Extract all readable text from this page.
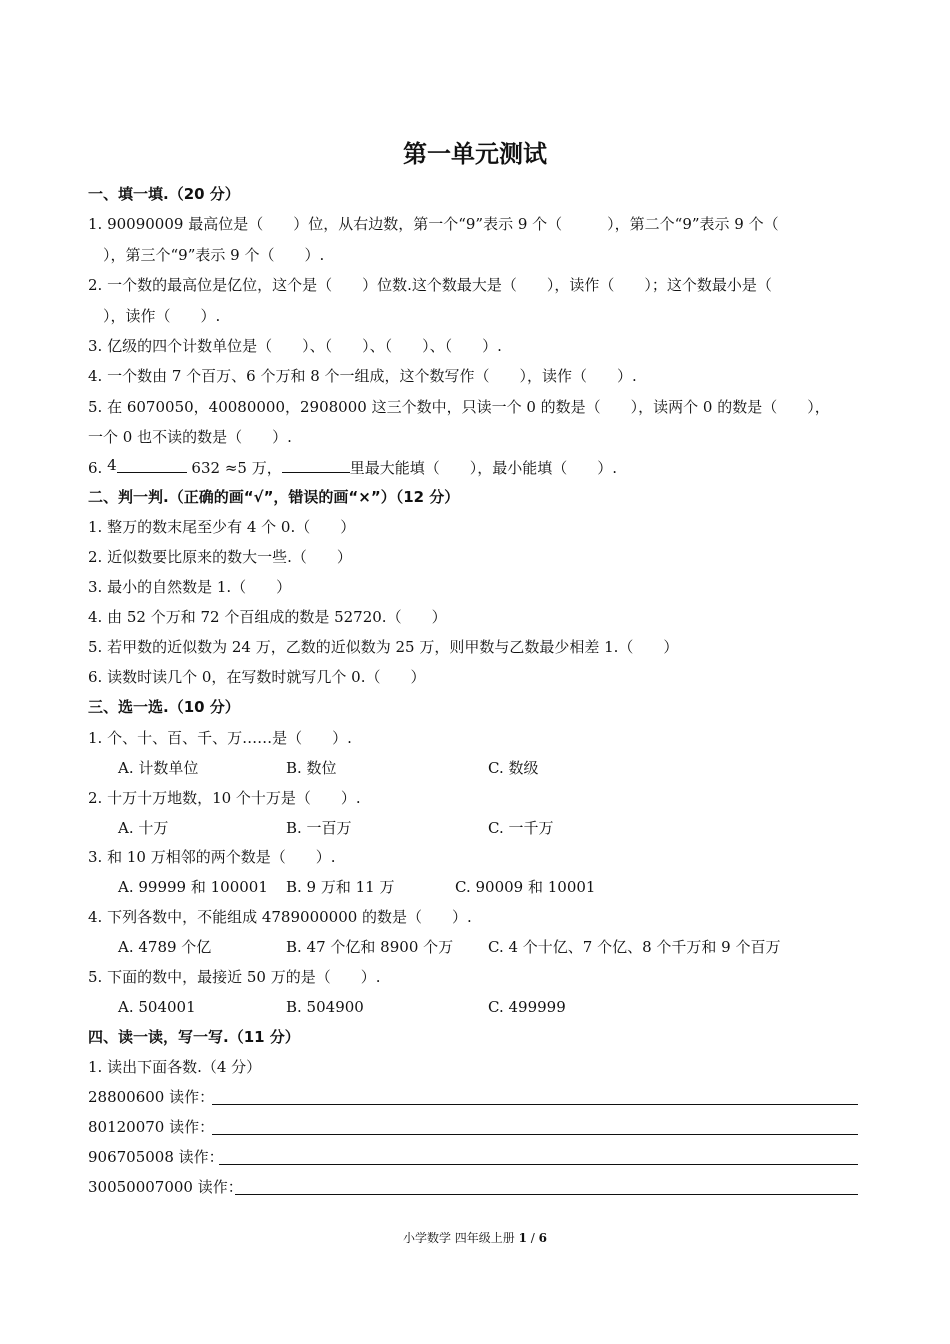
第一单元测试
一、填一填.（20 分）
1. 90090009 最高位是（　　）位，从右边数，第一个“9”表示 9 个（　　　），第二个“9”表示 9 个（
　），第三个“9”表示 9 个（　　）.
2. 一个数的最高位是亿位，这个是（　　）位数.这个数最大是（　　），读作（　　）；这个数最小是（
　），读作（　　）.
3. 亿级的四个计数单位是（　　）、（　　）、（　　）、（　　）.
4. 一个数由 7 个百万、6 个万和 8 个一组成，这个数写作（　　），读作（　　）.
5. 在 6070050，40080000，2908000 这三个数中，只读一个 0 的数是（　　），读两个 0 的数是（　　），
一个 0 也不读的数是（　　）.
6. 4	632 ≈5 万，	里最大能填（　　），最小能填（　　）.
二、判一判.（正确的画“√”，错误的画“×”）（12 分）
1. 整万的数末尾至少有 4 个 0.（　　）
2. 近似数要比原来的数大一些.（　　）
3. 最小的自然数是 1.（　　）
4. 由 52 个万和 72 个百组成的数是 52720.（　　）
5. 若甲数的近似数为 24 万，乙数的近似数为 25 万，则甲数与乙数最少相差 1.（　　）
6. 读数时读几个 0，在写数时就写几个 0.（　　）
三、选一选.（10 分）
1. 个、十、百、千、万……是（　　）.
A. 计数单位	B. 数位	C. 数级
2. 十万十万地数，10 个十万是（　　）.
A. 十万	B. 一百万	C. 一千万
3. 和 10 万相邻的两个数是（　　）.
A. 99999 和 100001 B. 9 万和 11 万	C. 90009 和 10001
4. 下列各数中，不能组成 4789000000 的数是（　　）.
A. 4789 个亿	B. 47 个亿和 8900 个万 C. 4 个十亿、7 个亿、8 个千万和 9 个百万
5. 下面的数中，最接近 50 万的是（　　）.
A. 504001	B. 504900	C. 499999
四、读一读，写一写.（11 分）
1. 读出下面各数.（4 分）
28800600 读作：
80120070 读作：
906705008 读作：
30050007000 读作：
小学数学 四年级上册 1 / 6
